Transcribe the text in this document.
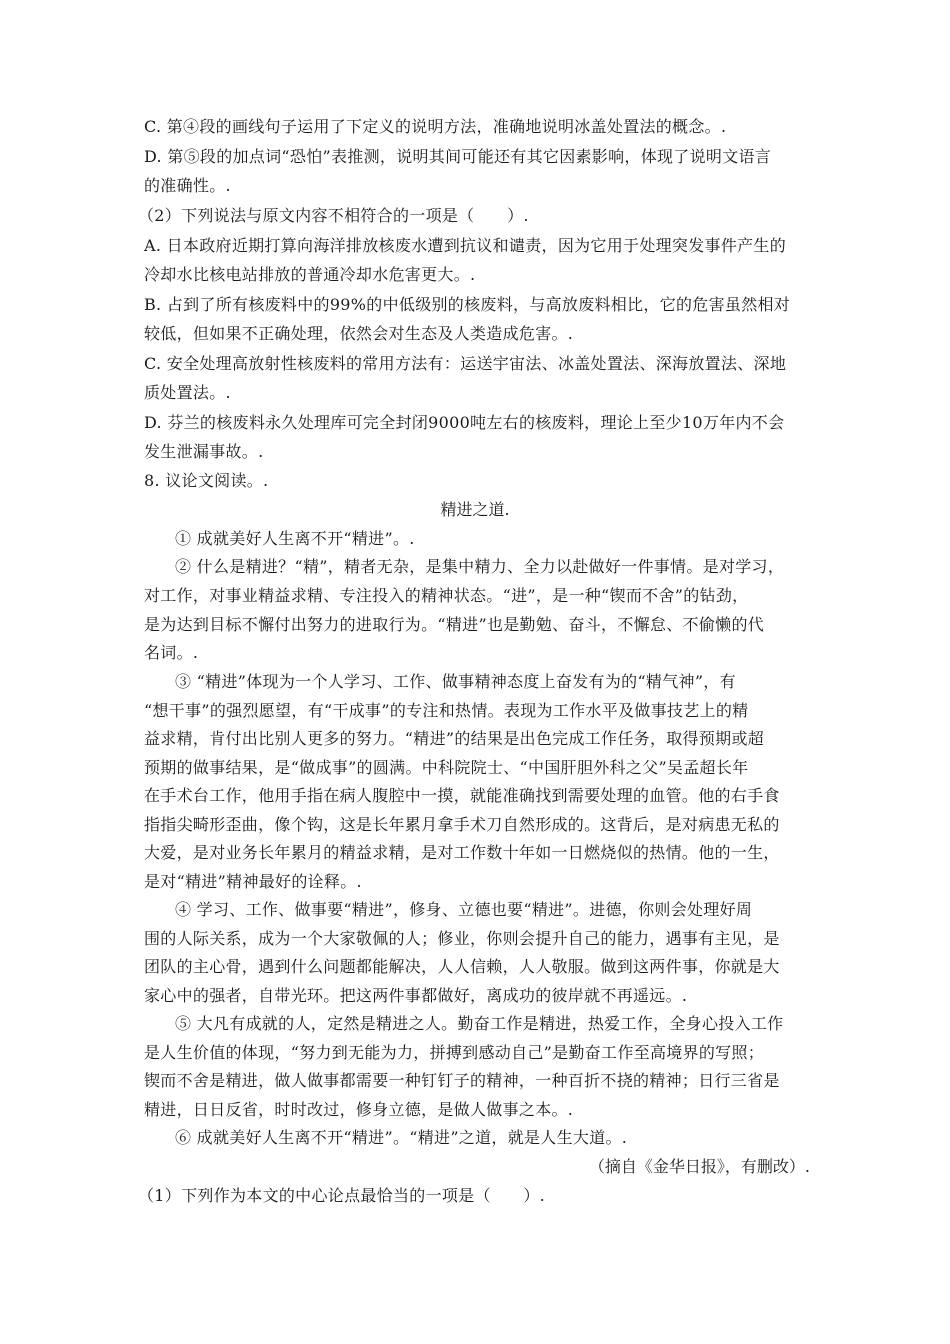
C. 第④段的画线句子运用了下定义的说明方法，准确地说明冰盖处置法的概念。.
D. 第⑤段的加点词“恐怕”表推测，说明其间可能还有其它因素影响，体现了说明文语言
的准确性。.
（2）下列说法与原文内容不相符合的一项是（　　）.
A. 日本政府近期打算向海洋排放核废水遭到抗议和谴责，因为它用于处理突发事件产生的
冷却水比核电站排放的普通冷却水危害更大。.
B. 占到了所有核废料中的99%的中低级别的核废料，与高放废料相比，它的危害虽然相对
较低，但如果不正确处理，依然会对生态及人类造成危害。.
C. 安全处理高放射性核废料的常用方法有：运送宇宙法、冰盖处置法、深海放置法、深地
质处置法。.
D. 芬兰的核废料永久处理库可完全封闭9000吨左右的核废料，理论上至少10万年内不会
发生泄漏事故。.
8. 议论文阅读。.
精进之道.
① 成就美好人生离不开“精进”。.
② 什么是精进？“精”，精者无杂，是集中精力、全力以赴做好一件事情。是对学习，
对工作，对事业精益求精、专注投入的精神状态。“进”，是一种“锲而不舍”的钻劲，
是为达到目标不懈付出努力的进取行为。“精进”也是勤勉、奋斗，不懈怠、不偷懒的代
名词。.
③ “精进”体现为一个人学习、工作、做事精神态度上奋发有为的“精气神”，有
“想干事”的强烈愿望，有“干成事”的专注和热情。表现为工作水平及做事技艺上的精
益求精，肯付出比别人更多的努力。“精进”的结果是出色完成工作任务，取得预期或超
预期的做事结果，是“做成事”的圆满。中科院院士、“中国肝胆外科之父”吴孟超长年
在手术台工作，他用手指在病人腹腔中一摸，就能准确找到需要处理的血管。他的右手食
指指尖畸形歪曲，像个钩，这是长年累月拿手术刀自然形成的。这背后，是对病患无私的
大爱，是对业务长年累月的精益求精，是对工作数十年如一日燃烧似的热情。他的一生，
是对“精进”精神最好的诠释。.
④ 学习、工作、做事要“精进”，修身、立德也要“精进”。进德，你则会处理好周
围的人际关系，成为一个大家敬佩的人；修业，你则会提升自己的能力，遇事有主见，是
团队的主心骨，遇到什么问题都能解决，人人信赖，人人敬服。做到这两件事，你就是大
家心中的强者，自带光环。把这两件事都做好，离成功的彼岸就不再遥远。.
⑤ 大凡有成就的人，定然是精进之人。勤奋工作是精进，热爱工作，全身心投入工作
是人生价值的体现，“努力到无能为力，拼搏到感动自己”是勤奋工作至高境界的写照；
锲而不舍是精进，做人做事都需要一种钉钉子的精神，一种百折不挠的精神；日行三省是
精进，日日反省，时时改过，修身立德，是做人做事之本。.
⑥ 成就美好人生离不开“精进”。“精进”之道，就是人生大道。.
（摘自《金华日报》，有删改）.
（1）下列作为本文的中心论点最恰当的一项是（　　）.
